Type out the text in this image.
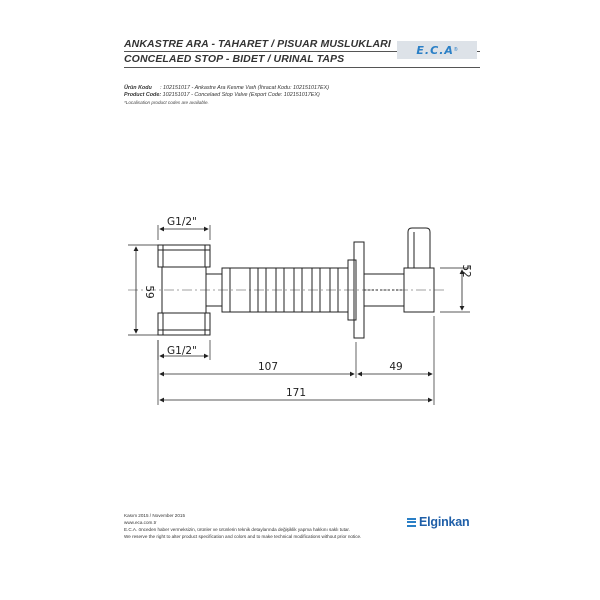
ANKASTRE ARA - TAHARET / PISUAR MUSLUKLARI
CONCELAED STOP - BIDET / URINAL TAPS
E.C.A ®
Ürün Kodu : 102151017 - Ankastre Ara Kesme Vaıfı (İhracat Kodu: 102151017EX)
Product Code: 102151017 - Concelaed Stop Valve (Export Code: 102151017EX)
*Localisation product codes are available.
G1/2"
G1/2"
59
52
107	49
171
Kasım 2015 / November 2015
www.eca.com.tr
E.C.A. önceden haber vermeksizin, ürünler ve ürünlerin teknik detaylarında değişiklik yapma hakkını saklı tutar.
We reserve the right to alter product specification and colors and to make technical modifications without prior notice.
Elginkan
